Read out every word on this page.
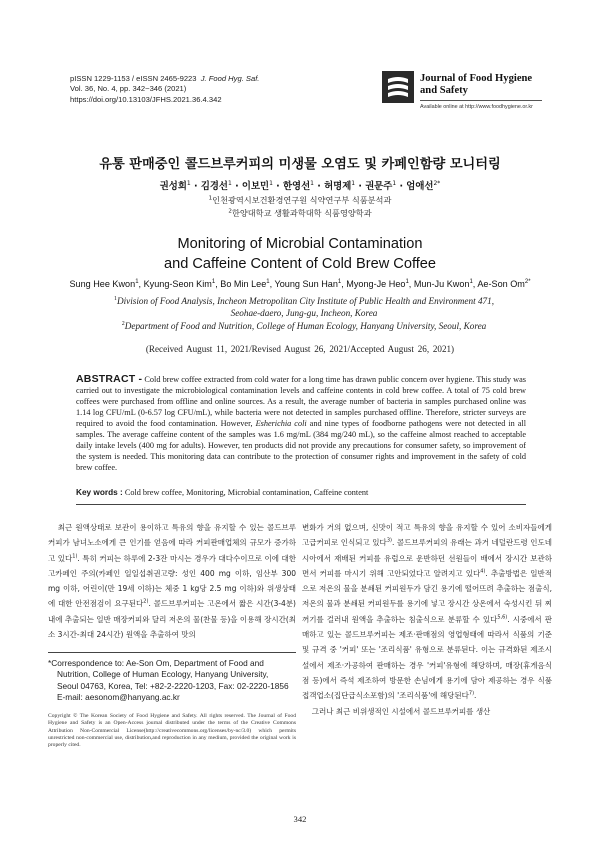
pISSN 1229-1153 / eISSN 2465-9223 J. Food Hyg. Saf.
Vol. 36, No. 4, pp. 342~346 (2021)
https://doi.org/10.13103/JFHS.2021.36.4.342
Journal of Food Hygiene
and Safety
Available online at http://www.foodhygiene.or.kr
유통 판매중인 콜드브루커피의 미생물 오염도 및 카페인함량 모니터링
권성희$^1$ · 김경선$^1$ · 이보민$^1$ · 한영선$^1$ · 허명제$^1$ · 권문주$^1$ · 엄애선$^{2*}$
$^1$인천광역시보건환경연구원 식약연구부 식품분석과
$^2$한양대학교 생활과학대학 식품영양학과
Monitoring of Microbial Contamination
and Caffeine Content of Cold Brew Coffee
Sung Hee Kwon$^1$, Kyung-Seon Kim$^1$, Bo Min Lee$^1$, Young Sun Han$^1$, Myong-Je Heo$^1$, Mun-Ju Kwon$^1$, Ae-Son $Om^{2*}$
$^1$Division of Food Analysis, Incheon Metropolitan City Institute of Public Health and Environment 471,
Seohae-daero, Jung-gu, Incheon, Korea
$^2$Department of Food and Nutrition, College of Human Ecology, Hanyang University, Seoul, Korea
(Received August 11, 2021/Revised August 26, 2021/Accepted August 26, 2021)
ABSTRACT - Cold brew coffee extracted from cold water for a long time has drawn public concern over hygiene. This study was carried out to investigate the microbiological contamination levels and caffeine contents in cold brew coffee. A total of 75 cold brew coffees were purchased from offline and online sources. As a result, the average number of bacteria in samples purchased online was 1.14 log CFU/mL (0-6.57 log CFU/mL), while bacteria were not detected in samples purchased offline. Therefore, stricter surveys are required to avoid the food contamination. However, Esherichia coli and nine types of foodborne pathogens were not detected in all samples. The average caffeine content of the samples was 1.6 mg/mL (384 mg/240 mL), so the caffeine almost reached to acceptable daily intake levels (400 mg for adults). However, ten products did not provide any precautions for consumer safety, so improvement of the system is needed. This monitoring data can contribute to the protection of consumer rights and improvement in the safety of cold brew coffee.
Key words : Cold brew coffee, Monitoring, Microbial contamination, Caffeine content

최근 원액상태로 보관이 용이하고 특유의 향을 유지할 수 있는 콜드브루커피가 남녀노소에게 큰 인기를 얻음에 따라 커피판매업체의 규모가 증가하고 있다$^{1)}$. 특히 커피는 하루에 2-3잔 마시는 경우가 대다수이므로 이에 대한 고카페인 주의(카페인 일일섭취권고량: 성인 400 mg 이하, 임산부 300 mg 이하, 어린이(만 19세 이하)는 체중 1 kg당 2.5 mg 이하)와 위생상태에 대한 안전점검이 요구된다$^{2)}$. 콜드브루커피는 고온에서 짧은 시간(3-4분)내에 추출되는 일반 매장커피와 달리 저온의 물(찬물 등)을 이용해 장시간(최소 3시간-최대 24시간) 원액을 추출하여 맛의

변화가 거의 없으며, 신맛이 적고 특유의 향을 유지할 수 있어 소비자들에게 고급커피로 인식되고 있다$^{3)}$. 콜드브루커피의 유래는 과거 네덜란드령 인도네시아에서 재배된 커피를 유럽으로 운반하던 선원들이 배에서 장시간 보관하면서 커피를 마시기 위해 고안되었다고 알려지고 있다$^{4)}$. 추출방법은 일반적으로 저온의 물을 분쇄된 커피원두가 담긴 용기에 떨어뜨려 추출하는 점출식, 저온의 물과 분쇄된 커피원두를 용기에 넣고 장시간 상온에서 숙성시킨 뒤 찌꺼기를 걸러내 원액을 추출하는 침출식으로 분류할 수 있다$^{5,6)}$. 시중에서 판매하고 있는 콜드브루커피는 제조·판매점의 영업형태에 따라서 식품의 기준 및 규격 중 '커피' 또는 '조리식품' 유형으로 분류된다. 이는 규격화된 제조시설에서 제조·가공하여 판매하는 경우 '커피'유형에 해당하며, 매장(휴게음식점 등)에서 즉석 제조하여 방문한 손님에게 용기에 담아 제공하는 경우 식품접객업소(집단급식소포함)의 '조리식품'에 해당된다$^{7)}$.

그러나 최근 비위생적인 시설에서 콜드브루커피를 생산

*Correspondence to: Ae-Son Om, Department of Food and

Nutrition, College of Human Ecology, Hanyang University,

Seoul 04763, Korea, Tel: +82-2-2220-1203, Fax: 02-2220-1856

E-mail: aesonom@hanyang.ac.kr

Copyright © The Korean Society of Food Hygiene and Safety. All rights reserved. The Journal of Food Hygiene and Safety is an Open-Access journal distributed under the terms of the Creative Commons Attribution Non-Commercial License(http://creativecommons.org/licenses/by-nc/3.0) which permits unrestricted non-commercial use, distribution,and reproduction in any medium, provided the original work is properly cited.
342
